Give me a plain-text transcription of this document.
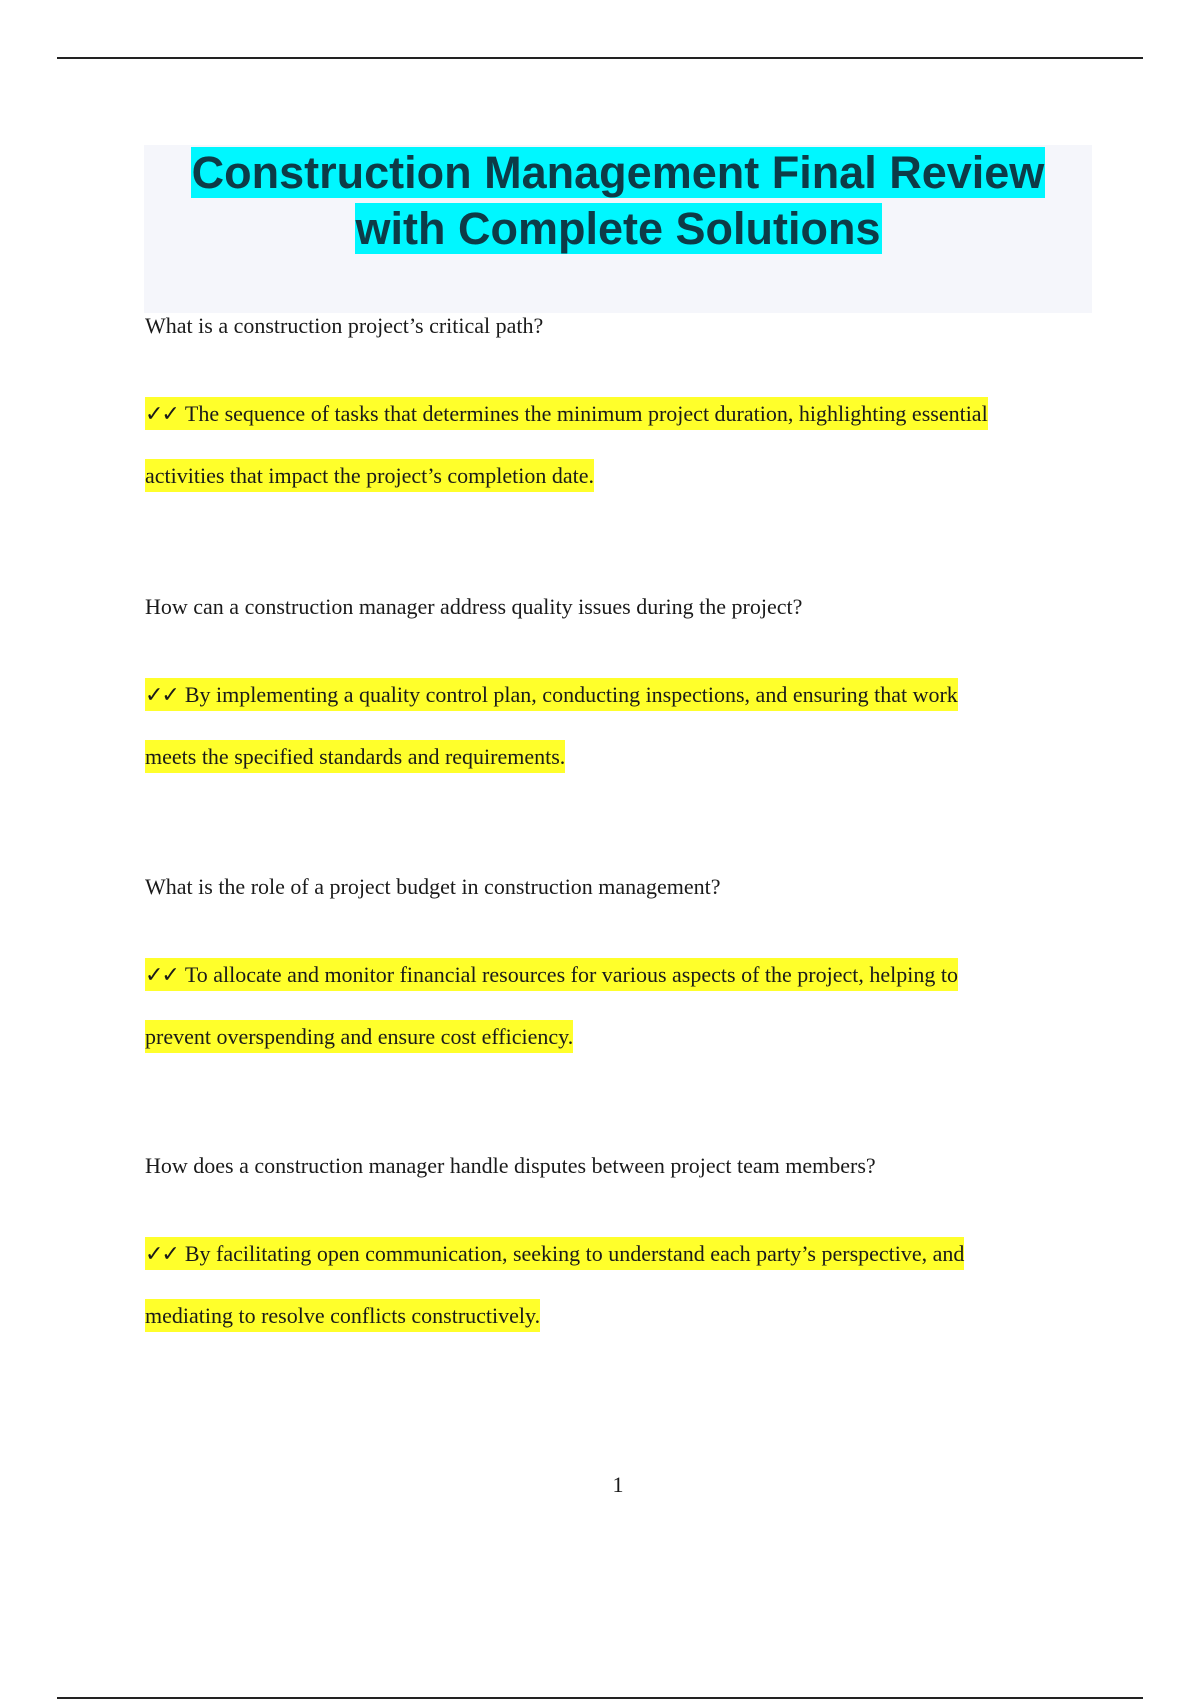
Construction Management Final Review
with Complete Solutions

What is a construction project’s critical path?

✓✓ The sequence of tasks that determines the minimum project duration, highlighting essential
activities that impact the project’s completion date.

How can a construction manager address quality issues during the project?

✓✓ By implementing a quality control plan, conducting inspections, and ensuring that work
meets the specified standards and requirements.

What is the role of a project budget in construction management?

✓✓ To allocate and monitor financial resources for various aspects of the project, helping to
prevent overspending and ensure cost efficiency.

How does a construction manager handle disputes between project team members?

✓✓ By facilitating open communication, seeking to understand each party’s perspective, and
mediating to resolve conflicts constructively.

1
